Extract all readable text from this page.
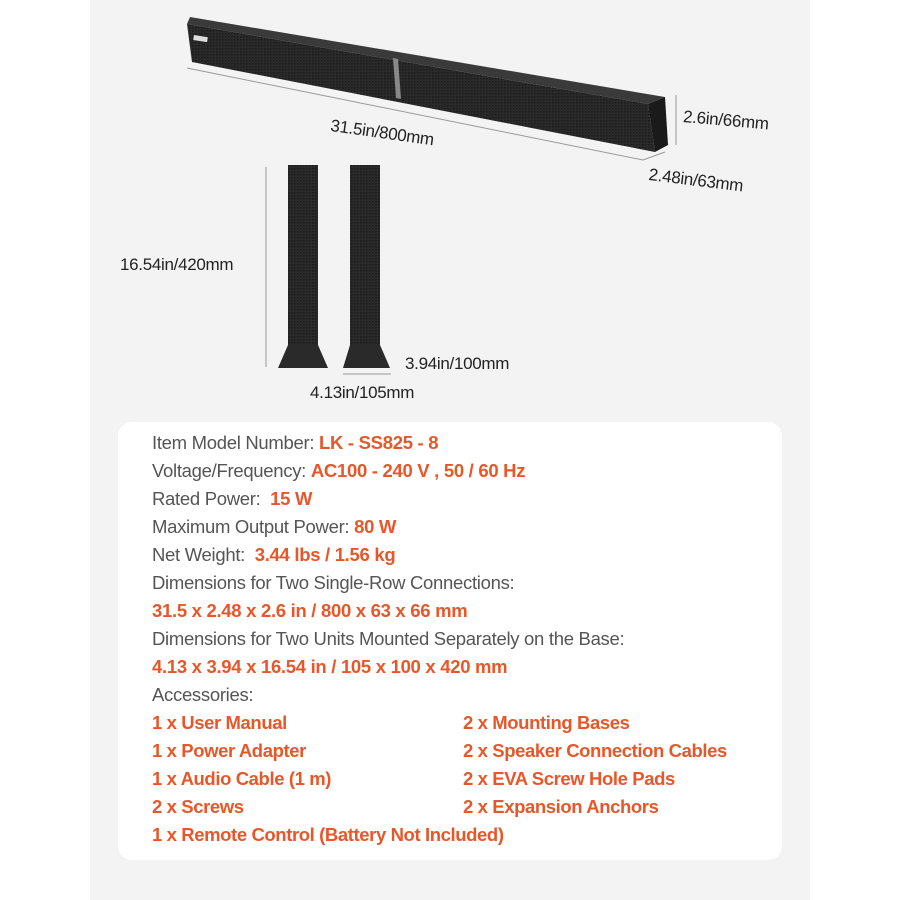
31.5in/800mm	2.6in/66mm
2.48in/63mm
16.54in/420mm
3.94in/100mm
4.13in/105mm
Item Model Number: LK - SS825 - 8
Voltage/Frequency: AC100 - 240 V , 50 / 60 Hz
Rated Power:  15 W
Maximum Output Power: 80 W
Net Weight:  3.44 lbs / 1.56 kg
Dimensions for Two Single-Row Connections:
31.5 x 2.48 x 2.6 in / 800 x 63 x 66 mm
Dimensions for Two Units Mounted Separately on the Base:
4.13 x 3.94 x 16.54 in / 105 x 100 x 420 mm
Accessories:
1 x User Manual
1 x Power Adapter
1 x Audio Cable (1 m)
2 x Screws
1 x Remote Control (Battery Not Included)
2 x Mounting Bases
2 x Speaker Connection Cables
2 x EVA Screw Hole Pads
2 x Expansion Anchors
